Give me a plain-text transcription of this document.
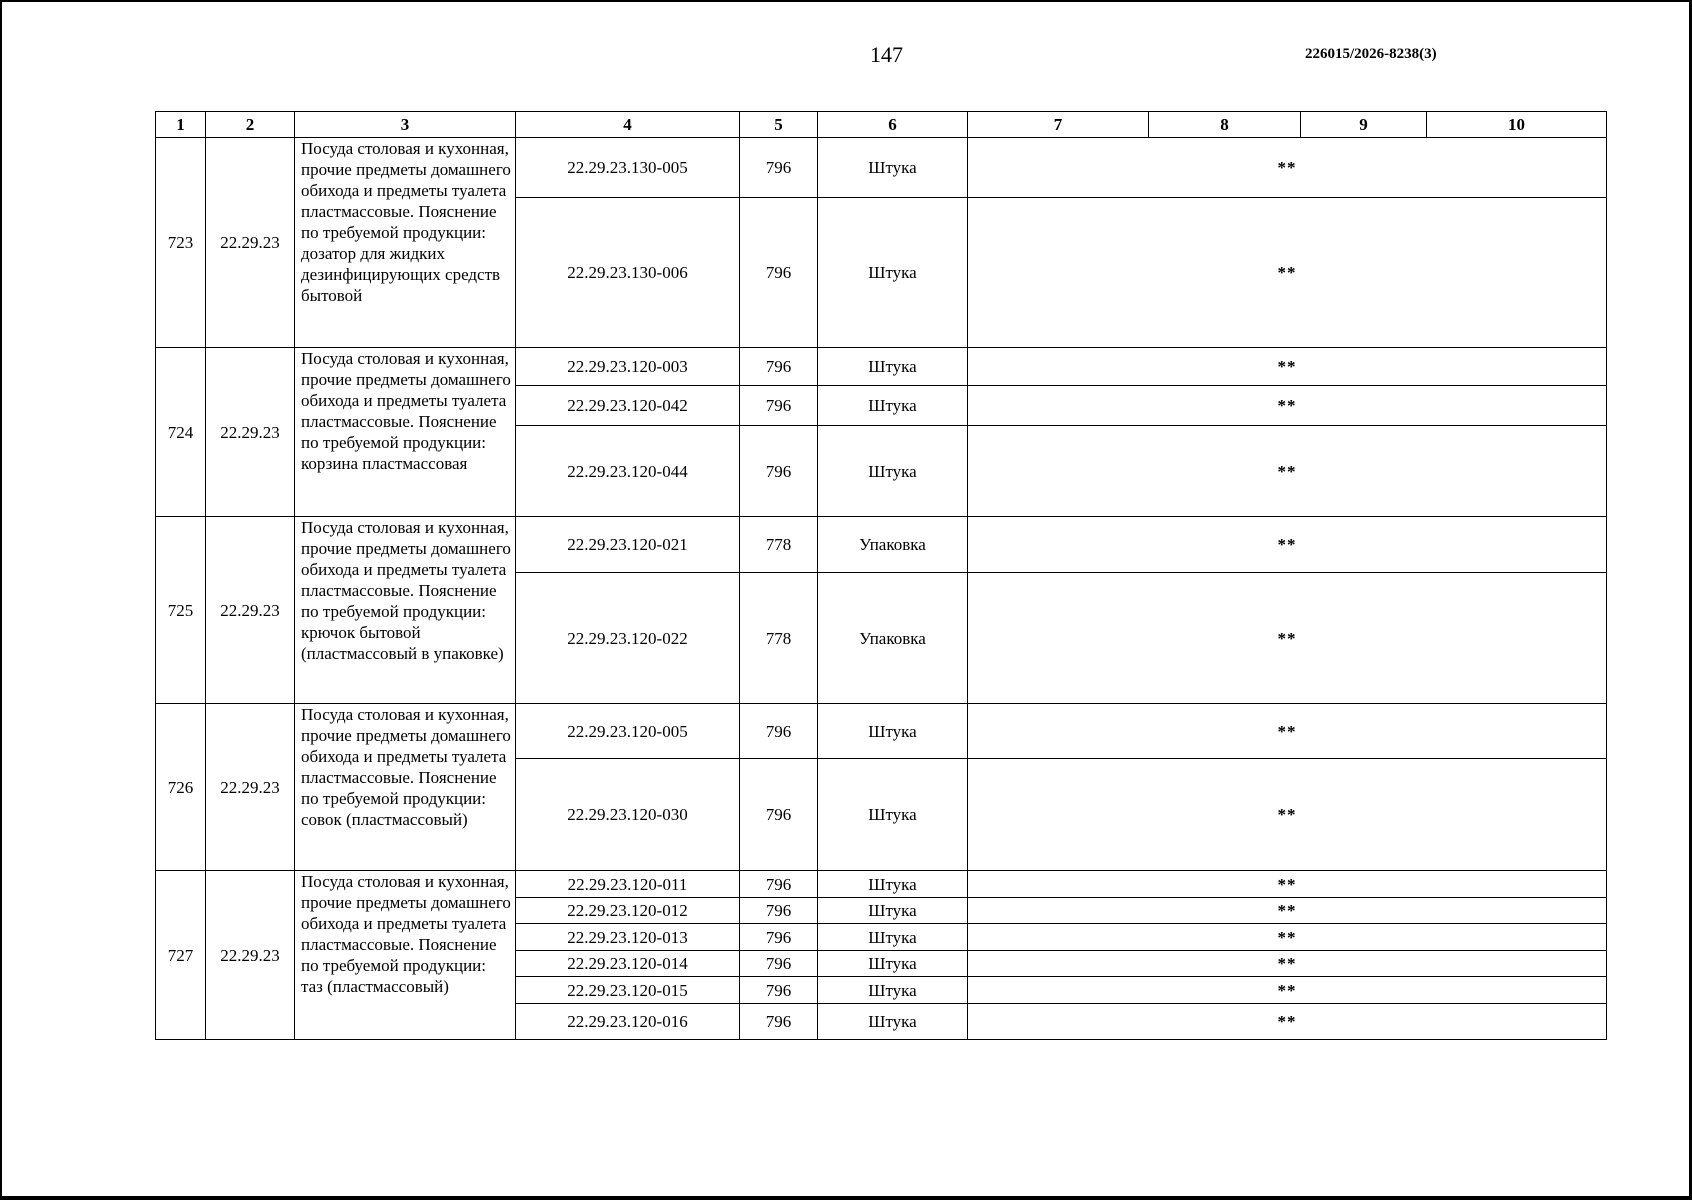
147	226015/2026-8238(3)
1	2	3	4	5	6	7	8	9	10
723	22.29.23	Посуда столовая и кухонная, прочие предметы домашнего обихода и предметы туалета пластмассовые. Пояснение по требуемой продукции: дозатор для жидких дезинфицирующих средств бытовой	22.29.23.130-005	796	Штука	**			
			22.29.23.130-006	796	Штука	**			
724	22.29.23	Посуда столовая и кухонная, прочие предметы домашнего обихода и предметы туалета пластмассовые. Пояснение по требуемой продукции: корзина пластмассовая	22.29.23.120-003	796	Штука	**			
			22.29.23.120-042	796	Штука	**			
			22.29.23.120-044	796	Штука	**			
725	22.29.23	Посуда столовая и кухонная, прочие предметы домашнего обихода и предметы туалета пластмассовые. Пояснение по требуемой продукции: крючок бытовой (пластмассовый в упаковке)	22.29.23.120-021	778	Упаковка	**			
			22.29.23.120-022	778	Упаковка	**			
726	22.29.23	Посуда столовая и кухонная, прочие предметы домашнего обихода и предметы туалета пластмассовые. Пояснение по требуемой продукции: совок (пластмассовый)	22.29.23.120-005	796	Штука	**			
			22.29.23.120-030	796	Штука	**			
727	22.29.23	Посуда столовая и кухонная, прочие предметы домашнего обихода и предметы туалета пластмассовые. Пояснение по требуемой продукции: таз (пластмассовый)	22.29.23.120-011	796	Штука	**			
			22.29.23.120-012	796	Штука	**			
			22.29.23.120-013	796	Штука	**			
			22.29.23.120-014	796	Штука	**			
			22.29.23.120-015	796	Штука	**			
			22.29.23.120-016	796	Штука	**			
